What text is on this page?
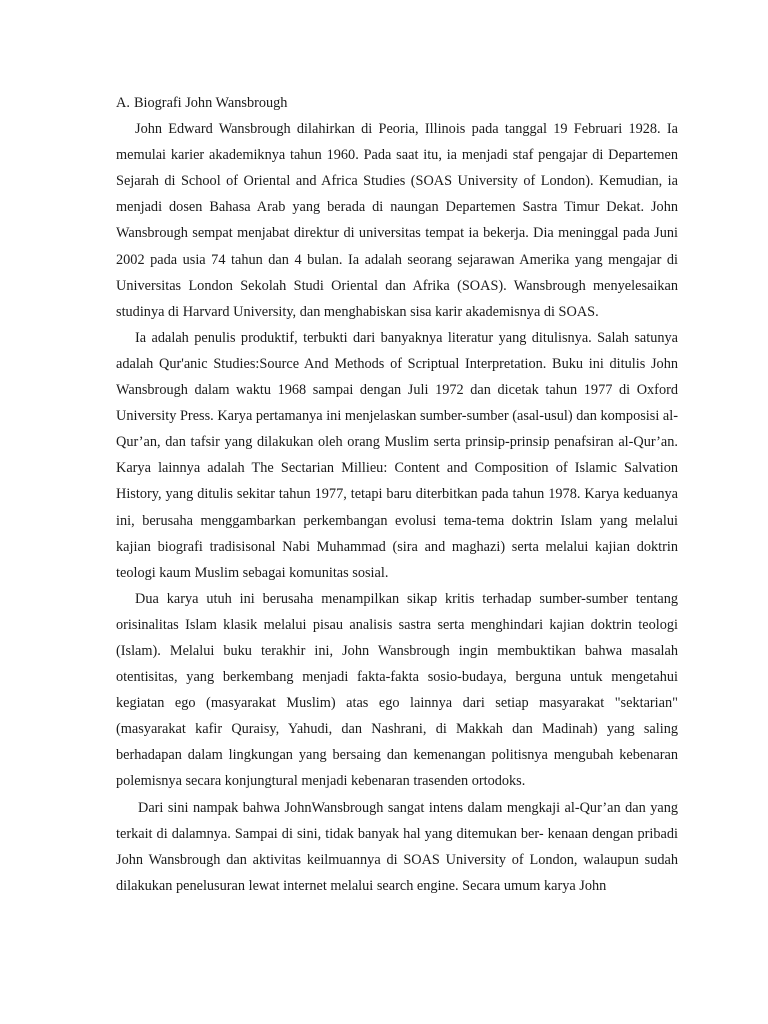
A. Biografi John Wansbrough

John Edward Wansbrough dilahirkan di Peoria, Illinois pada tanggal 19 Februari 1928. Ia memulai karier akademiknya tahun 1960. Pada saat itu, ia menjadi staf pengajar di Departemen Sejarah di School of Oriental and Africa Studies (SOAS University of London). Kemudian, ia menjadi dosen Bahasa Arab yang berada di naungan Departemen Sastra Timur Dekat. John Wansbrough sempat menjabat direktur di universitas tempat ia bekerja. Dia meninggal pada Juni 2002 pada usia 74 tahun dan 4 bulan. Ia adalah seorang sejarawan Amerika yang mengajar di Universitas London Sekolah Studi Oriental dan Afrika (SOAS). Wansbrough menyelesaikan studinya di Harvard University, dan menghabiskan sisa karir akademisnya di SOAS.

Ia adalah penulis produktif, terbukti dari banyaknya literatur yang ditulisnya. Salah satunya adalah Qur'anic Studies:Source And Methods of Scriptual Interpretation. Buku ini ditulis John Wansbrough dalam waktu 1968 sampai dengan Juli 1972 dan dicetak tahun 1977 di Oxford University Press. Karya pertamanya ini menjelaskan sumber-sumber (asal-usul) dan komposisi al-Qur’an, dan tafsir yang dilakukan oleh orang Muslim serta prinsip-prinsip penafsiran al-Qur’an. Karya lainnya adalah The Sectarian Millieu: Content and Composition of Islamic Salvation History, yang ditulis sekitar tahun 1977, tetapi baru diterbitkan pada tahun 1978. Karya keduanya ini, berusaha menggambarkan perkembangan evolusi tema-tema doktrin Islam yang melalui kajian biografi tradisisonal Nabi Muhammad (sira and maghazi) serta melalui kajian doktrin teologi kaum Muslim sebagai komunitas sosial.

Dua karya utuh ini berusaha menampilkan sikap kritis terhadap sumber-sumber tentang orisinalitas Islam klasik melalui pisau analisis sastra serta menghindari kajian doktrin teologi (Islam). Melalui buku terakhir ini, John Wansbrough ingin membuktikan bahwa masalah otentisitas, yang berkembang menjadi fakta-fakta sosio-budaya, berguna untuk mengetahui kegiatan ego (masyarakat Muslim) atas ego lainnya dari setiap masyarakat "sektarian" (masyarakat kafir Quraisy, Yahudi, dan Nashrani, di Makkah dan Madinah) yang saling berhadapan dalam lingkungan yang bersaing dan kemenangan politisnya mengubah kebenaran polemisnya secara konjungtural menjadi kebenaran trasenden ortodoks.

Dari sini nampak bahwa JohnWansbrough sangat intens dalam mengkaji al-Qur’an dan yang terkait di dalamnya. Sampai di sini, tidak banyak hal yang ditemukan ber- kenaan dengan pribadi John Wansbrough dan aktivitas keilmuannya di SOAS University of London, walaupun sudah dilakukan penelusuran lewat internet melalui search engine. Secara umum karya John
